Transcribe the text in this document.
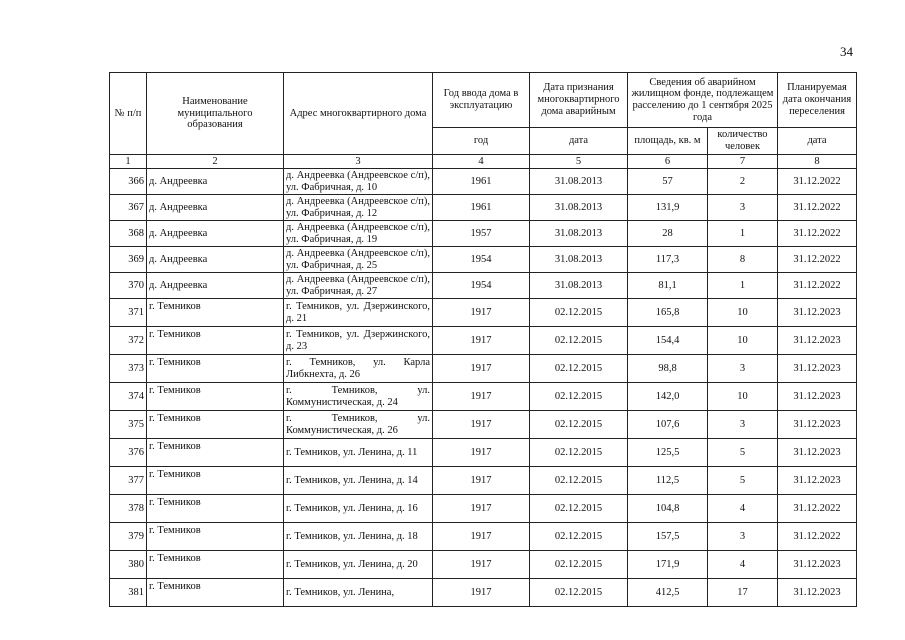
34
№ п/п	Наименование муниципального образования	Адрес многоквартирного дома	Год ввода дома в эксплуатацию	Дата признания многоквартирного дома аварийным	Сведения об аварийном жилищном фонде, подлежащем расселению до 1 сентября 2025 года		Планируемая дата окончания переселения
			год	дата	площадь, кв. м	количество человек	дата
1	2	3	4	5	6	7	8
366	д. Андреевка	д. Андреевка (Андреевское с/п), ул. Фабричная, д. 10	1961	31.08.2013	57	2	31.12.2022
367	д. Андреевка	д. Андреевка (Андреевское с/п), ул. Фабричная, д. 12	1961	31.08.2013	131,9	3	31.12.2022
368	д. Андреевка	д. Андреевка (Андреевское с/п), ул. Фабричная, д. 19	1957	31.08.2013	28	1	31.12.2022
369	д. Андреевка	д. Андреевка (Андреевское с/п), ул. Фабричная, д. 25	1954	31.08.2013	117,3	8	31.12.2022
370	д. Андреевка	д. Андреевка (Андреевское с/п), ул. Фабричная, д. 27	1954	31.08.2013	81,1	1	31.12.2022
371	г. Темников	г. Темников, ул. Дзержинского, д. 21	1917	02.12.2015	165,8	10	31.12.2023
372	г. Темников	г. Темников, ул. Дзержинского, д. 23	1917	02.12.2015	154,4	10	31.12.2023
373	г. Темников	г. Темников, ул. Карла Либкнехта, д. 26	1917	02.12.2015	98,8	3	31.12.2023
374	г. Темников	г. Темников, ул. Коммунистическая, д. 24	1917	02.12.2015	142,0	10	31.12.2023
375	г. Темников	г. Темников, ул. Коммунистическая, д. 26	1917	02.12.2015	107,6	3	31.12.2023
376	г. Темников	г. Темников, ул. Ленина, д. 11	1917	02.12.2015	125,5	5	31.12.2023
377	г. Темников	г. Темников, ул. Ленина, д. 14	1917	02.12.2015	112,5	5	31.12.2023
378	г. Темников	г. Темников, ул. Ленина, д. 16	1917	02.12.2015	104,8	4	31.12.2022
379	г. Темников	г. Темников, ул. Ленина, д. 18	1917	02.12.2015	157,5	3	31.12.2022
380	г. Темников	г. Темников, ул. Ленина, д. 20	1917	02.12.2015	171,9	4	31.12.2023
381	г. Темников	г. Темников, ул. Ленина,	1917	02.12.2015	412,5	17	31.12.2023
